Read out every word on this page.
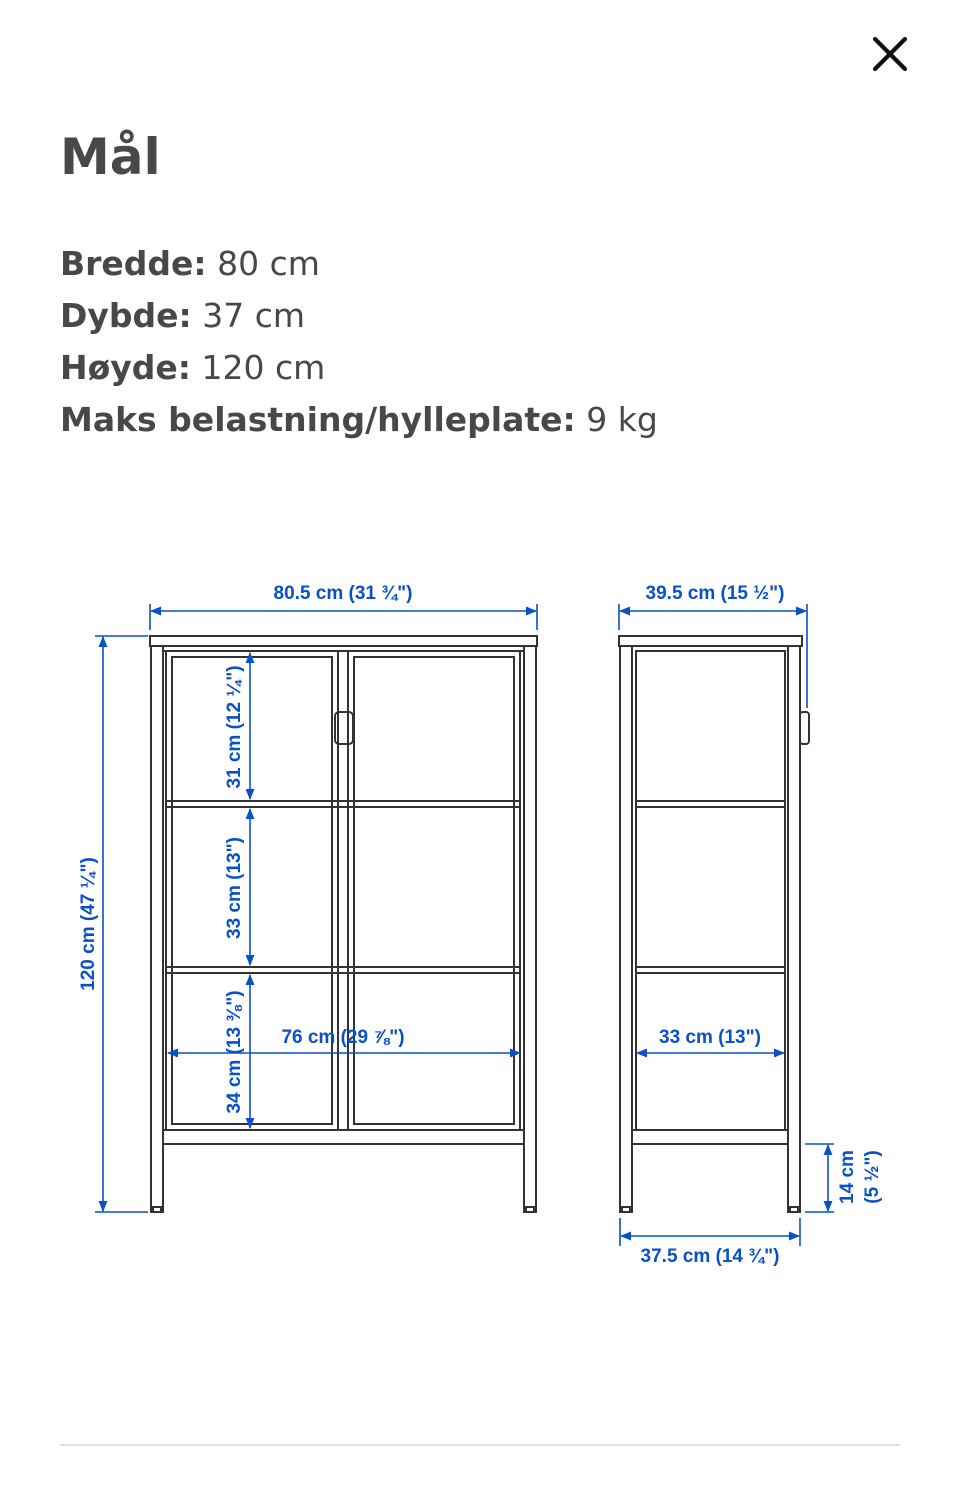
Mål
Bredde: 80 cm
Dybde: 37 cm
Høyde: 120 cm
Maks belastning/hylleplate: 9 kg
80.5 cm (31 ¾")
120 cm (47 ¼")
31 cm (12 ¼")
33 cm (13")
34 cm (13 ⅜") 76 cm (29 ⅞")
39.5 cm (15 ½")
33 cm (13")
37.5 cm (14 ¾")
14 cm (5 ½")
